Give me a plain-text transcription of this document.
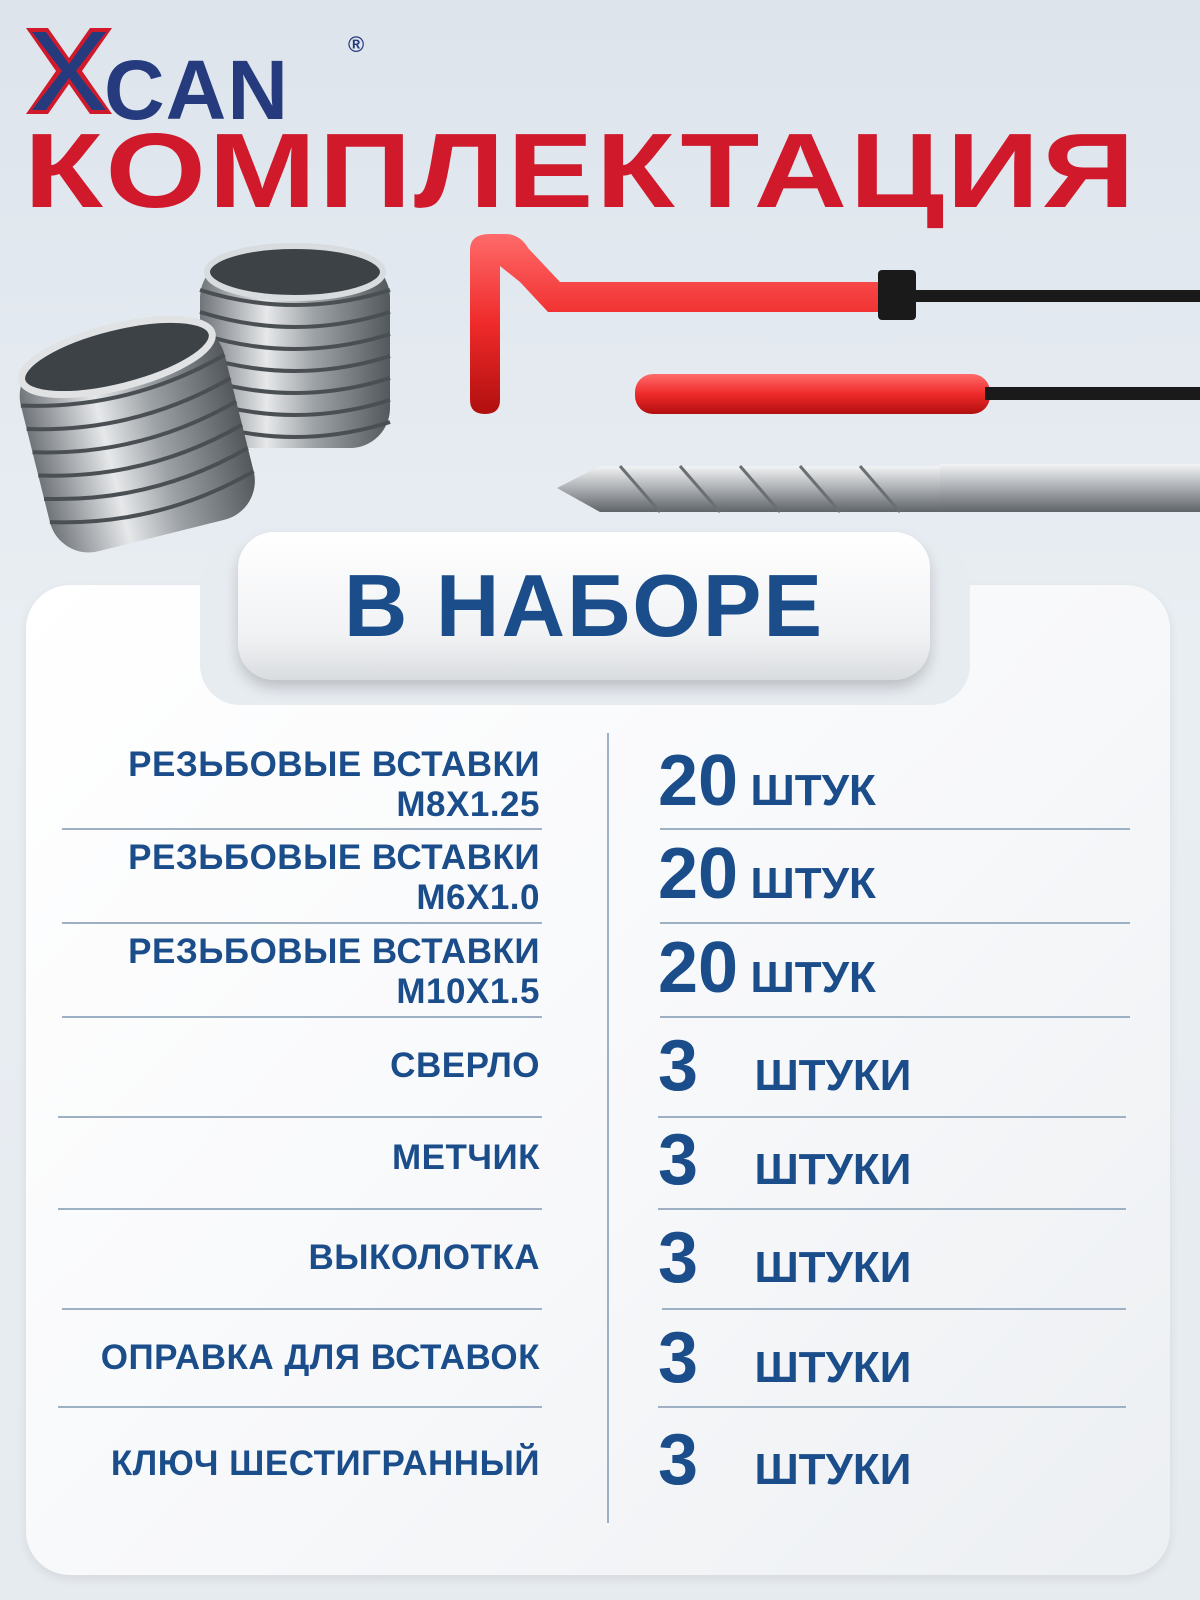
CAN	®
КОМПЛЕКТАЦИЯ
В НАБОРЕ
РЕЗЬБОВЫЕ ВСТАВКИ
M8X1.25 20 ШТУК
РЕЗЬБОВЫЕ ВСТАВКИ
M6X1.0 20 ШТУК
РЕЗЬБОВЫЕ ВСТАВКИ
M10X1.5 20 ШТУК
СВЕРЛО 3 ШТУКИ
МЕТЧИК 3 ШТУКИ
ВЫКОЛОТКА 3 ШТУКИ
ОПРАВКА ДЛЯ ВСТАВОК 3 ШТУКИ
КЛЮЧ ШЕСТИГРАННЫЙ 3 ШТУКИ
